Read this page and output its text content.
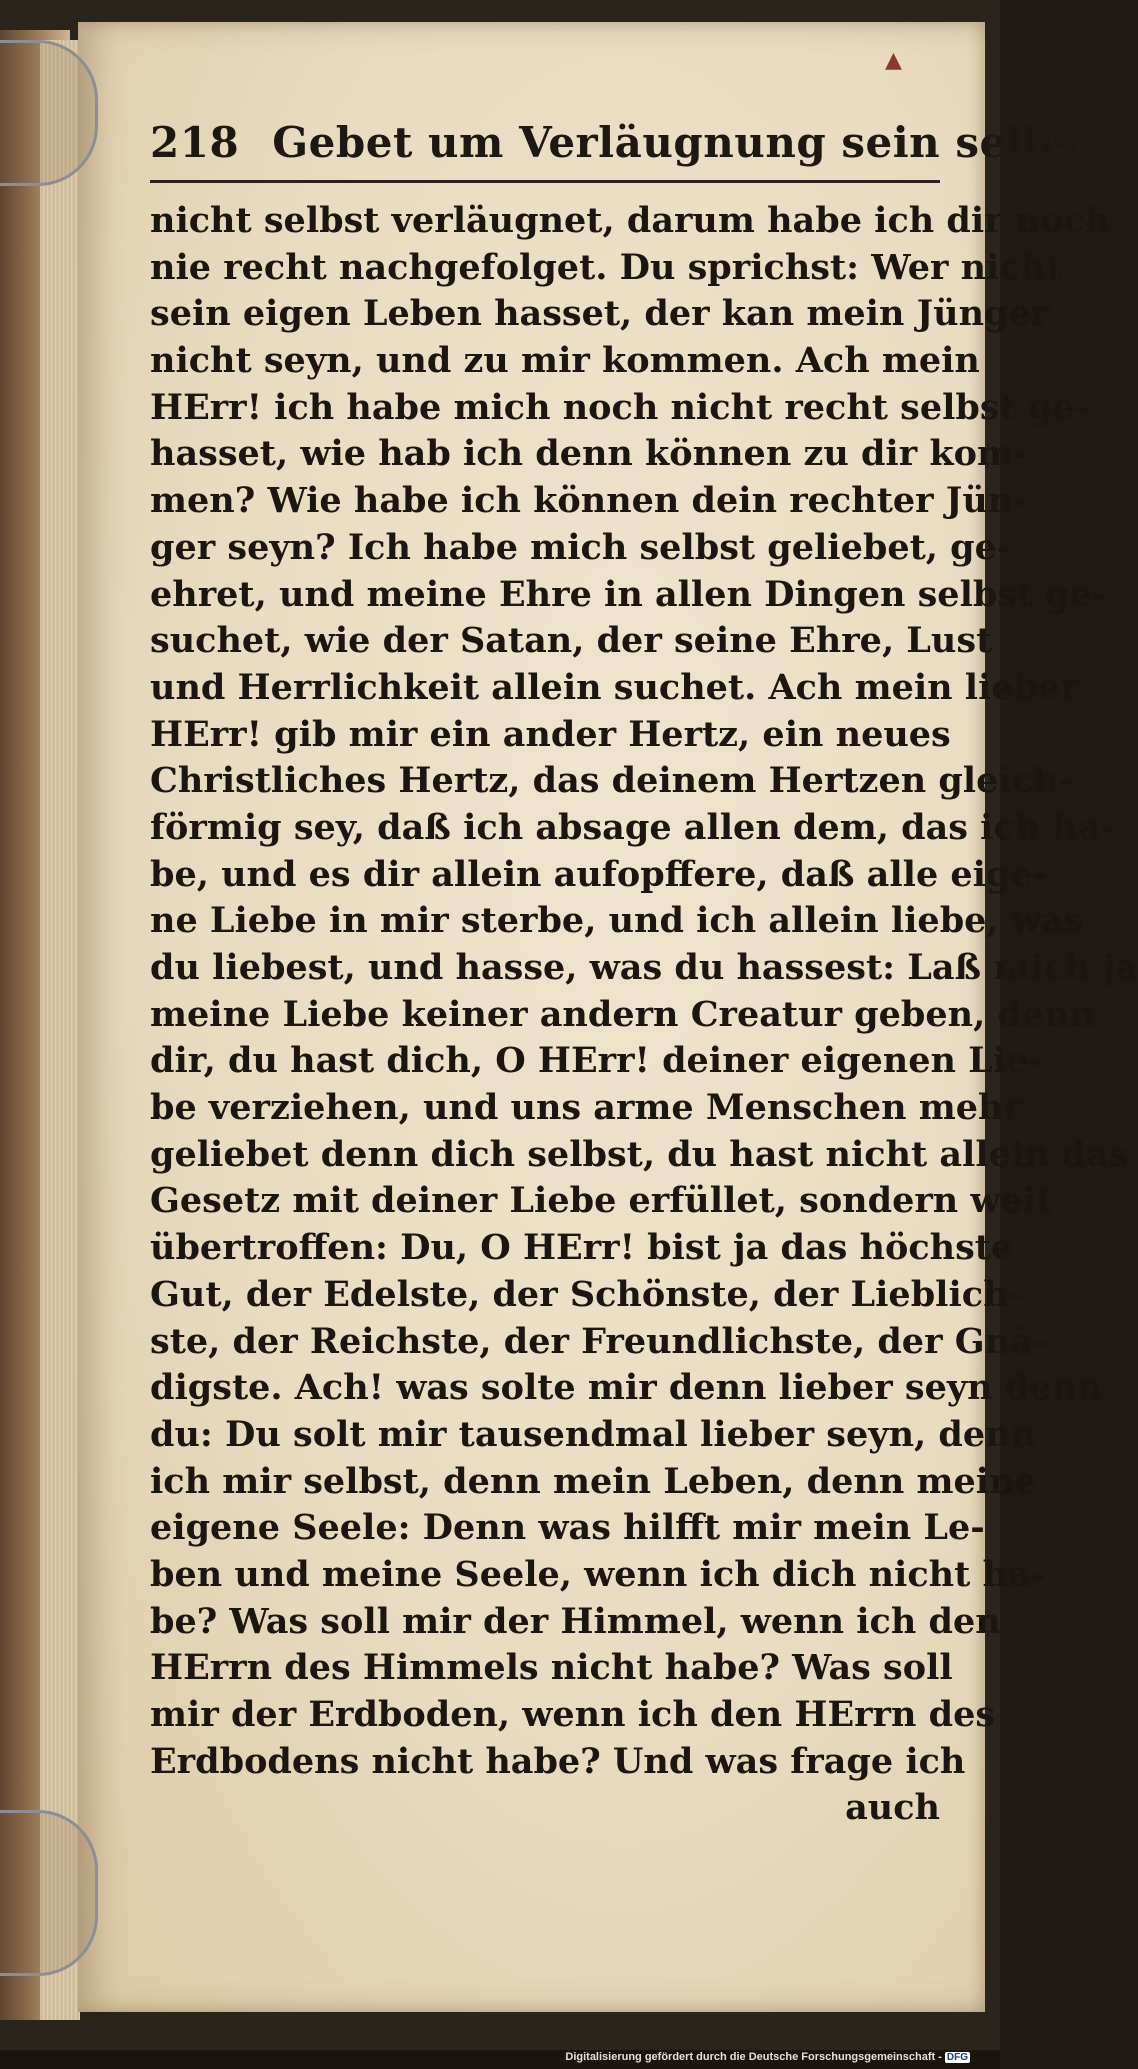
▲
218 Gebet um Verläugnung sein selbst.
nicht selbst verläugnet, darum habe ich dir noch
nie recht nachgefolget. Du sprichst: Wer nicht
sein eigen Leben hasset, der kan mein Jünger
nicht seyn, und zu mir kommen. Ach mein
HErr! ich habe mich noch nicht recht selbst ge-
hasset, wie hab ich denn können zu dir kom-
men? Wie habe ich können dein rechter Jün-
ger seyn? Ich habe mich selbst geliebet, ge-
ehret, und meine Ehre in allen Dingen selbst ge-
suchet, wie der Satan, der seine Ehre, Lust
und Herrlichkeit allein suchet. Ach mein lieber
HErr! gib mir ein ander Hertz, ein neues
Christliches Hertz, das deinem Hertzen gleich-
förmig sey, daß ich absage allen dem, das ich ha-
be, und es dir allein aufopffere, daß alle eige-
ne Liebe in mir sterbe, und ich allein liebe, was
du liebest, und hasse, was du hassest: Laß mich ja
meine Liebe keiner andern Creatur geben, denn
dir, du hast dich, O HErr! deiner eigenen Lie-
be verziehen, und uns arme Menschen mehr
geliebet denn dich selbst, du hast nicht allein das
Gesetz mit deiner Liebe erfüllet, sondern weit
übertroffen: Du, O HErr! bist ja das höchste
Gut, der Edelste, der Schönste, der Lieblich-
ste, der Reichste, der Freundlichste, der Gnä-
digste. Ach! was solte mir denn lieber seyn denn
du: Du solt mir tausendmal lieber seyn, denn
ich mir selbst, denn mein Leben, denn meine
eigene Seele: Denn was hilfft mir mein Le-
ben und meine Seele, wenn ich dich nicht ha-
be? Was soll mir der Himmel, wenn ich den
HErrn des Himmels nicht habe? Was soll
mir der Erdboden, wenn ich den HErrn des
Erdbodens nicht habe? Und was frage ich
auch
Digitalisierung gefördert durch die Deutsche Forschungsgemeinschaft - DFG
